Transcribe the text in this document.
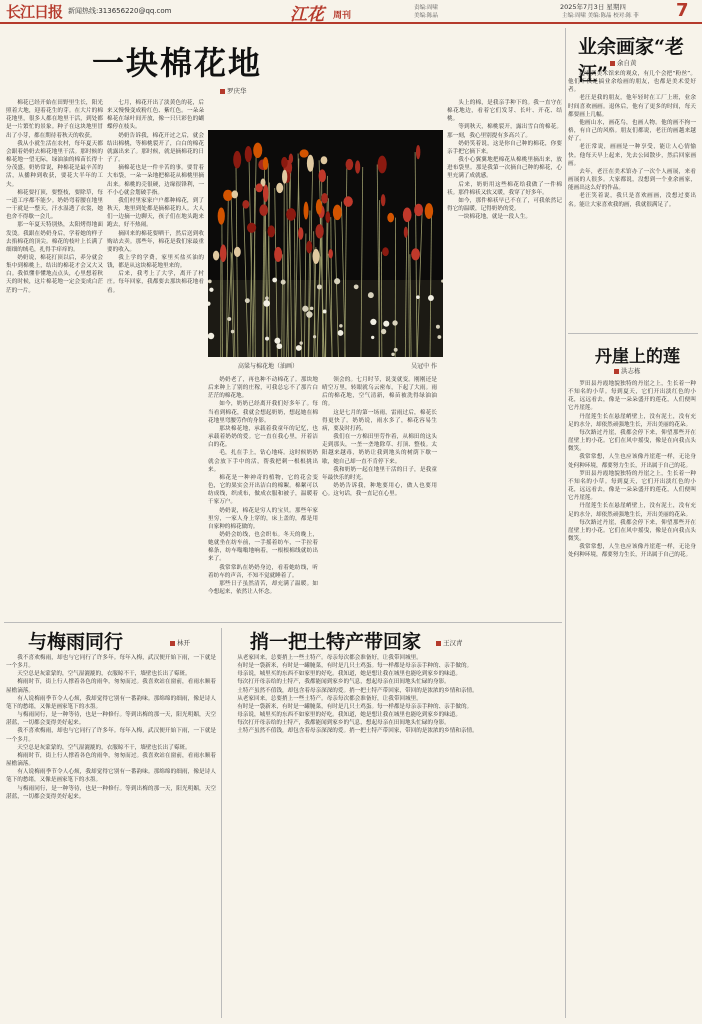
长江日报 新闻热线:313656220@qq.com	江花 周刊
责编:周啸
美编:陈晶
2025年7月3日 星期四
主编:周啸 美编:陈晶 校对:陈 菲 7
一块棉花地
罗庆华

棉花已经开始在田野里生长，阳光照着大地，迎着花生的芽。在大片的棉花地里，很多人都在地里干活，到处都是一片繁忙的景象。种子在这块地里冒出了小芽，都在期待着秋天的收获。

我从小就生活在农村，每年夏天都会跟着奶奶去棉花地里干活。那时候的棉花地一望无际，绿油油的棉苗长得十分茂盛。奶奶常说，种棉花是最辛苦的活，从播种到收获，要花大半年的工夫。

棉花要打顶，要整枝，要除草，每一道工序都不能少。奶奶弯着腰在地里一干就是一整天，汗水湿透了衣裳，她也舍不得歇一会儿。

那一年夏天特别热，太阳烤得地面发烫。我跟在奶奶身后，学着她的样子去掐棉花的顶尖。棉花的枝叶上长满了细细的绒毛，扎得手痒痒的。

奶奶说，棉花打顶以后，养分就会集中到棉桃上，结出的棉花才会又大又白。我似懂非懂地点点头，心里想着秋天的时候，这片棉花地一定会变成白茫茫的一片。

七月，棉花开出了淡黄色的花，后来又慢慢变成粉红色、紫红色。一朵朵棉花在绿叶间开放，像一只只彩色的蝴蝶停在枝头。

奶奶告诉我，棉花开过之后，就会结出棉桃，等棉桃裂开了，白白的棉花就露出来了。那时候，就是摘棉花的日子了。

摘棉花也是一件辛苦的事。要背着大布袋，一朵一朵地把棉花从棉桃里摘出来。棉桃的壳很硬，边缘很锋利，一不小心就会划破手指。

我们村里家家户户都种棉花，到了秋天，地里到处都是摘棉花的人。大人们一边摘一边聊天，孩子们在地头跑来跑去，好不热闹。

摘回来的棉花要晒干，然后送到收购站去卖。那些年，棉花是我们家最重要的收入。

我上学的学费，家里买盐买油的钱，都是从这块棉花地里来的。

后来，我考上了大学，离开了村庄。每年回家，我都要去那块棉花地看看。

奶奶老了，再也种不动棉花了。那块地后来种上了别的庄稼，可我总忘不了那片白茫茫的棉花地。

如今，奶奶已经离开我们好多年了。每当看到棉花，我就会想起奶奶，想起她在棉花地里弯腰劳作的身影。

那块棉花地，承载着我童年的记忆，也承载着奶奶的爱。它一直在我心里，开着洁白的花。

毛，扎在手上，钻心地疼。这时候奶奶就会放下手中的活，帮我把刺一根根挑出来。

棉花是一种神奇的植物，它的花会变色，它的果实会开出洁白的棉絮。棉絮可以纺成线，织成布，做成衣服和被子，温暖着千家万户。

奶奶说，棉花是穷人的宝贝。那些年家里穷，一家人身上穿的，床上盖的，都是用自家种的棉花做的。

奶奶会纺线，也会织布。冬天的晚上，她就坐在纺车前，一手摇着纺车，一手拉着棉条，纺车嗡嗡地响着，一根根棉线就纺出来了。

我常常趴在奶奶身边，看着她纺线，听着纺车的声音，不知不觉就睡着了。

那些日子虽然清苦，却充满了温暖。如今想起来，依然让人怀念。

领会的。七月时节，说变就变。刚刚还是晴空万里，转眼就乌云密布，下起了大雨。雨后的棉花地，空气清新，棉苗被洗得绿油油的。

这是七月的第一场雨，雷雨过后，棉花长得更快了。奶奶说，雨水多了，棉花容易生病，要及时打药。

我们在一方棉田里劳作着，从棉田的这头走到那头，一垄一垄地除草、打顶、整枝。太阳越来越毒，奶奶让我到地头的树荫下歇一歇，她自己却一直不肯停下来。

我和奶奶一起在地里干活的日子，是我童年最快乐的时光。

奶奶告诉我，种地要用心，做人也要用心。这句话，我一直记在心里。

头上的棉，是我亲手种下的。我一直守在棉花地边，看着它们发芽、长叶、开花、结桃。

等到秋天，棉桃裂开，露出雪白的棉花。那一刻，我心里别提有多高兴了。

奶奶笑着说，这是你自己种的棉花，你要亲手把它摘下来。

我小心翼翼地把棉花从棉桃里摘出来，放进布袋里。那是我第一次摘自己种的棉花，心里充满了成就感。

后来，奶奶用这些棉花给我做了一件棉袄。那件棉袄又软又暖，我穿了好多年。

如今，那件棉袄早已不在了，可我依然记得它的温暖，记得奶奶的爱。

一块棉花地，就是一段人生。

高粱与棉花地（油画）	吴冠中 作
业余画家“老汪”	余自黄

起审到美术馆来的观众，有几个会把“粉丝”。他们不仅是搞业余绘画的朋友，也都是美术爱好者。

老汪是我的朋友，他年轻时在工厂上班，业余时间喜欢画画。退休后，他有了更多的时间，每天都要画上几幅。

他画山水，画花鸟，也画人物。他的画不拘一格，有自己的风格。朋友们都说，老汪的画越来越好了。

老汪常说，画画是一种享受，能让人心情愉快。他每天早上起来，先去公园散步，然后回家画画。

去年，老汪在美术馆办了一次个人画展，来看画展的人很多。大家都说，没想到一个业余画家，能画出这么好的作品。

老汪笑着说，我只是喜欢画画，没想过要出名。能让大家喜欢我的画，我就很满足了。

丹崖上的莲
洪志栋

罗田县丹霞地貌独特的丹崖之上，生长着一种不知名的小草。每到夏天，它们开出淡红色的小花，远远看去，像是一朵朵盛开的莲花，人们便叫它丹崖莲。

丹崖莲生长在悬崖峭壁上，没有泥土，没有充足的水分，却依然顽强地生长，开出美丽的花朵。

每次路过丹崖，我都会停下来，仰望那些开在崖壁上的小花。它们在风中摇曳，像是在向我点头微笑。

我常常想，人生也应该像丹崖莲一样，无论身处何种环境，都要努力生长，开出属于自己的花。

罗田县丹霞地貌独特的丹崖之上，生长着一种不知名的小草。每到夏天，它们开出淡红色的小花，远远看去，像是一朵朵盛开的莲花，人们便叫它丹崖莲。

丹崖莲生长在悬崖峭壁上，没有泥土，没有充足的水分，却依然顽强地生长，开出美丽的花朵。

每次路过丹崖，我都会停下来，仰望那些开在崖壁上的小花。它们在风中摇曳，像是在向我点头微笑。

我常常想，人生也应该像丹崖莲一样，无论身处何种环境，都要努力生长，开出属于自己的花。

与梅雨同行	林开

我不喜欢梅雨，却也与它同行了许多年。每年入梅，武汉便开始下雨，一下就是一个多月。

天空总是灰蒙蒙的，空气湿漉漉的，衣服晾不干，墙壁也长出了霉斑。

梅雨时节，街上行人撑着各色的雨伞，匆匆而过。我喜欢站在窗前，看雨水顺着屋檐滴落。

有人说梅雨季节令人心烦，我却觉得它别有一番韵味。那绵绵的细雨，像是诗人笔下的愁绪，又像是画家笔下的水墨。

与梅雨同行，是一种等待，也是一种修行。等到出梅的那一天，阳光明媚，天空湛蓝，一切都会变得美好起来。

我不喜欢梅雨，却也与它同行了许多年。每年入梅，武汉便开始下雨，一下就是一个多月。

天空总是灰蒙蒙的，空气湿漉漉的，衣服晾不干，墙壁也长出了霉斑。

梅雨时节，街上行人撑着各色的雨伞，匆匆而过。我喜欢站在窗前，看雨水顺着屋檐滴落。

有人说梅雨季节令人心烦，我却觉得它别有一番韵味。那绵绵的细雨，像是诗人笔下的愁绪，又像是画家笔下的水墨。

与梅雨同行，是一种等待，也是一种修行。等到出梅的那一天，阳光明媚，天空湛蓝，一切都会变得美好起来。

捎一把土特产带回家	王汉青

从老家回来，总要捎上一些土特产。母亲每次都会准备好，让我带回城里。

有时是一袋新米，有时是一罐腌菜，有时是几只土鸡蛋。每一样都是母亲亲手种的、亲手做的。

母亲说，城里买的东西不如家里的好吃。我知道，她是想让我在城里也能吃到家乡的味道。

每次打开母亲给的土特产，我都能闻到家乡的气息，想起母亲在田间地头忙碌的身影。

土特产虽然不值钱，却包含着母亲深深的爱。捎一把土特产带回家，带回的是浓浓的乡情和亲情。

从老家回来，总要捎上一些土特产。母亲每次都会准备好，让我带回城里。

有时是一袋新米，有时是一罐腌菜，有时是几只土鸡蛋。每一样都是母亲亲手种的、亲手做的。

母亲说，城里买的东西不如家里的好吃。我知道，她是想让我在城里也能吃到家乡的味道。

每次打开母亲给的土特产，我都能闻到家乡的气息，想起母亲在田间地头忙碌的身影。

土特产虽然不值钱，却包含着母亲深深的爱。捎一把土特产带回家，带回的是浓浓的乡情和亲情。
